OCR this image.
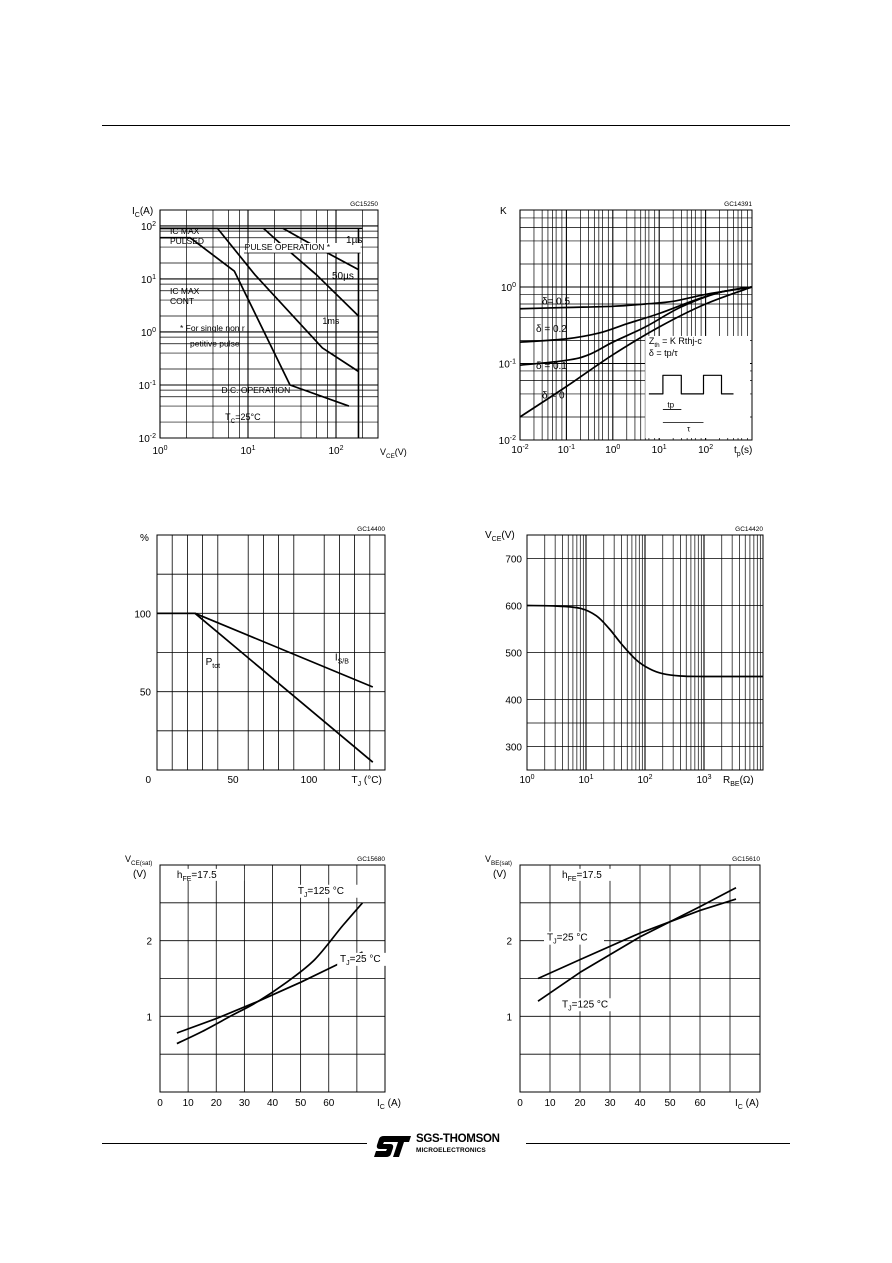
GC15250
$I_C(A)$
$10^2$
$10^1$
$10^0$
$10^{-1}$
$10^{-2}$
$10^0$	$10^1$	$10^2$	$V_{CE}(V)$
IC MAX
PULSED
IC MAX
CONT
PULSE OPERATION *
1µs
50µs
1ms
* For single non r
petitive pulse
D.C. OPERATION
$T_C=25^\circ C$
GC14391
K
$10^0$
$10^{-1}$
$10^{-2}$
$10^{-2}$	$10^{-1}$	$10^0$	$10^1$	$10^2$ $t_p(s)$
δ= 0.5
δ = 0.2
δ = 0.1
δ = 0
$Z_{th} = K$ Rthj-c
δ = tp/τ
tp
τ
GC14400
%
100
50
0	50	100	$T_J$ (°C)
$P_{tot}$
$I_{S/B}$
GC14420
$V_{CE}(V)$
700
600
500
400
300
$10^0$	$10^1$	$10^2$	$10^3$ $R_{BE}(\Omega)$
GC15680
$V_{CE(sat)}$
(V)
2
1
0 10 20 30 40 50 60	$I_C$ (A)
$h_{FE}=17.5$
$T_J=125$ °C
$T_J=25$ °C
GC15610
$V_{BE(sat)}$
(V)
2
1
0 10 20 30 40 50 60	$I_C$ (A)
$h_{FE}=17.5$
$T_J=25$ °C
$T_J=125$ °C
SGS-THOMSON
MICROELECTRONICS
